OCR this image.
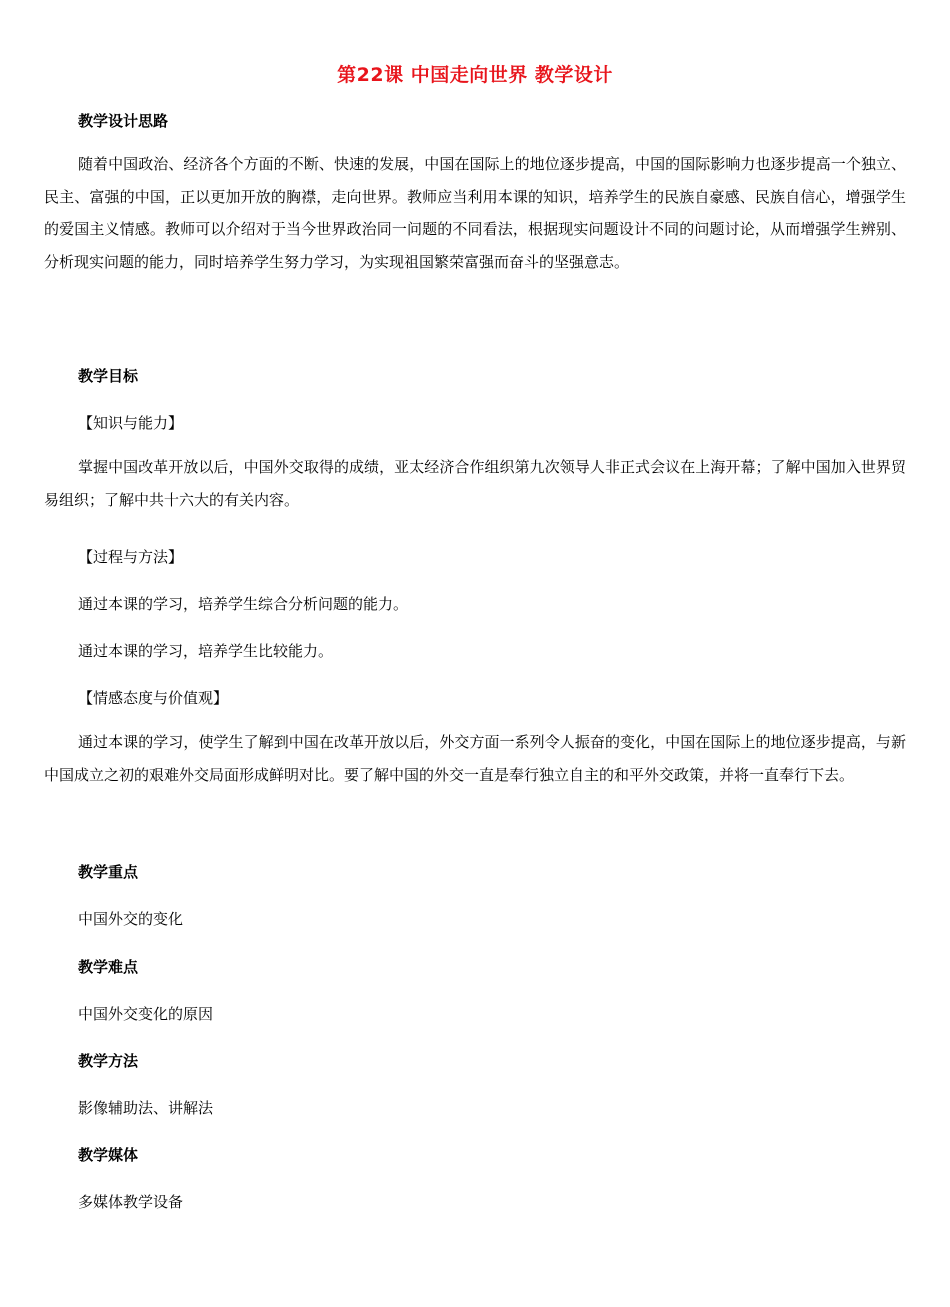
第22课 中国走向世界 教学设计
教学设计思路

随着中国政治、经济各个方面的不断、快速的发展，中国在国际上的地位逐步提高，中国的国际影响力也逐步提高一个独立、民主、富强的中国，正以更加开放的胸襟，走向世界。教师应当利用本课的知识，培养学生的民族自豪感、民族自信心，增强学生的爱国主义情感。教师可以介绍对于当今世界政治同一问题的不同看法，根据现实问题设计不同的问题讨论，从而增强学生辨别、分析现实问题的能力，同时培养学生努力学习，为实现祖国繁荣富强而奋斗的坚强意志。

教学目标
【知识与能力】

掌握中国改革开放以后，中国外交取得的成绩，亚太经济合作组织第九次领导人非正式会议在上海开幕；了解中国加入世界贸易组织；了解中共十六大的有关内容。

【过程与方法】
通过本课的学习，培养学生综合分析问题的能力。
通过本课的学习，培养学生比较能力。
【情感态度与价值观】

通过本课的学习，使学生了解到中国在改革开放以后，外交方面一系列令人振奋的变化，中国在国际上的地位逐步提高，与新中国成立之初的艰难外交局面形成鲜明对比。要了解中国的外交一直是奉行独立自主的和平外交政策，并将一直奉行下去。

教学重点
中国外交的变化
教学难点
中国外交变化的原因
教学方法
影像辅助法、讲解法
教学媒体
多媒体教学设备
